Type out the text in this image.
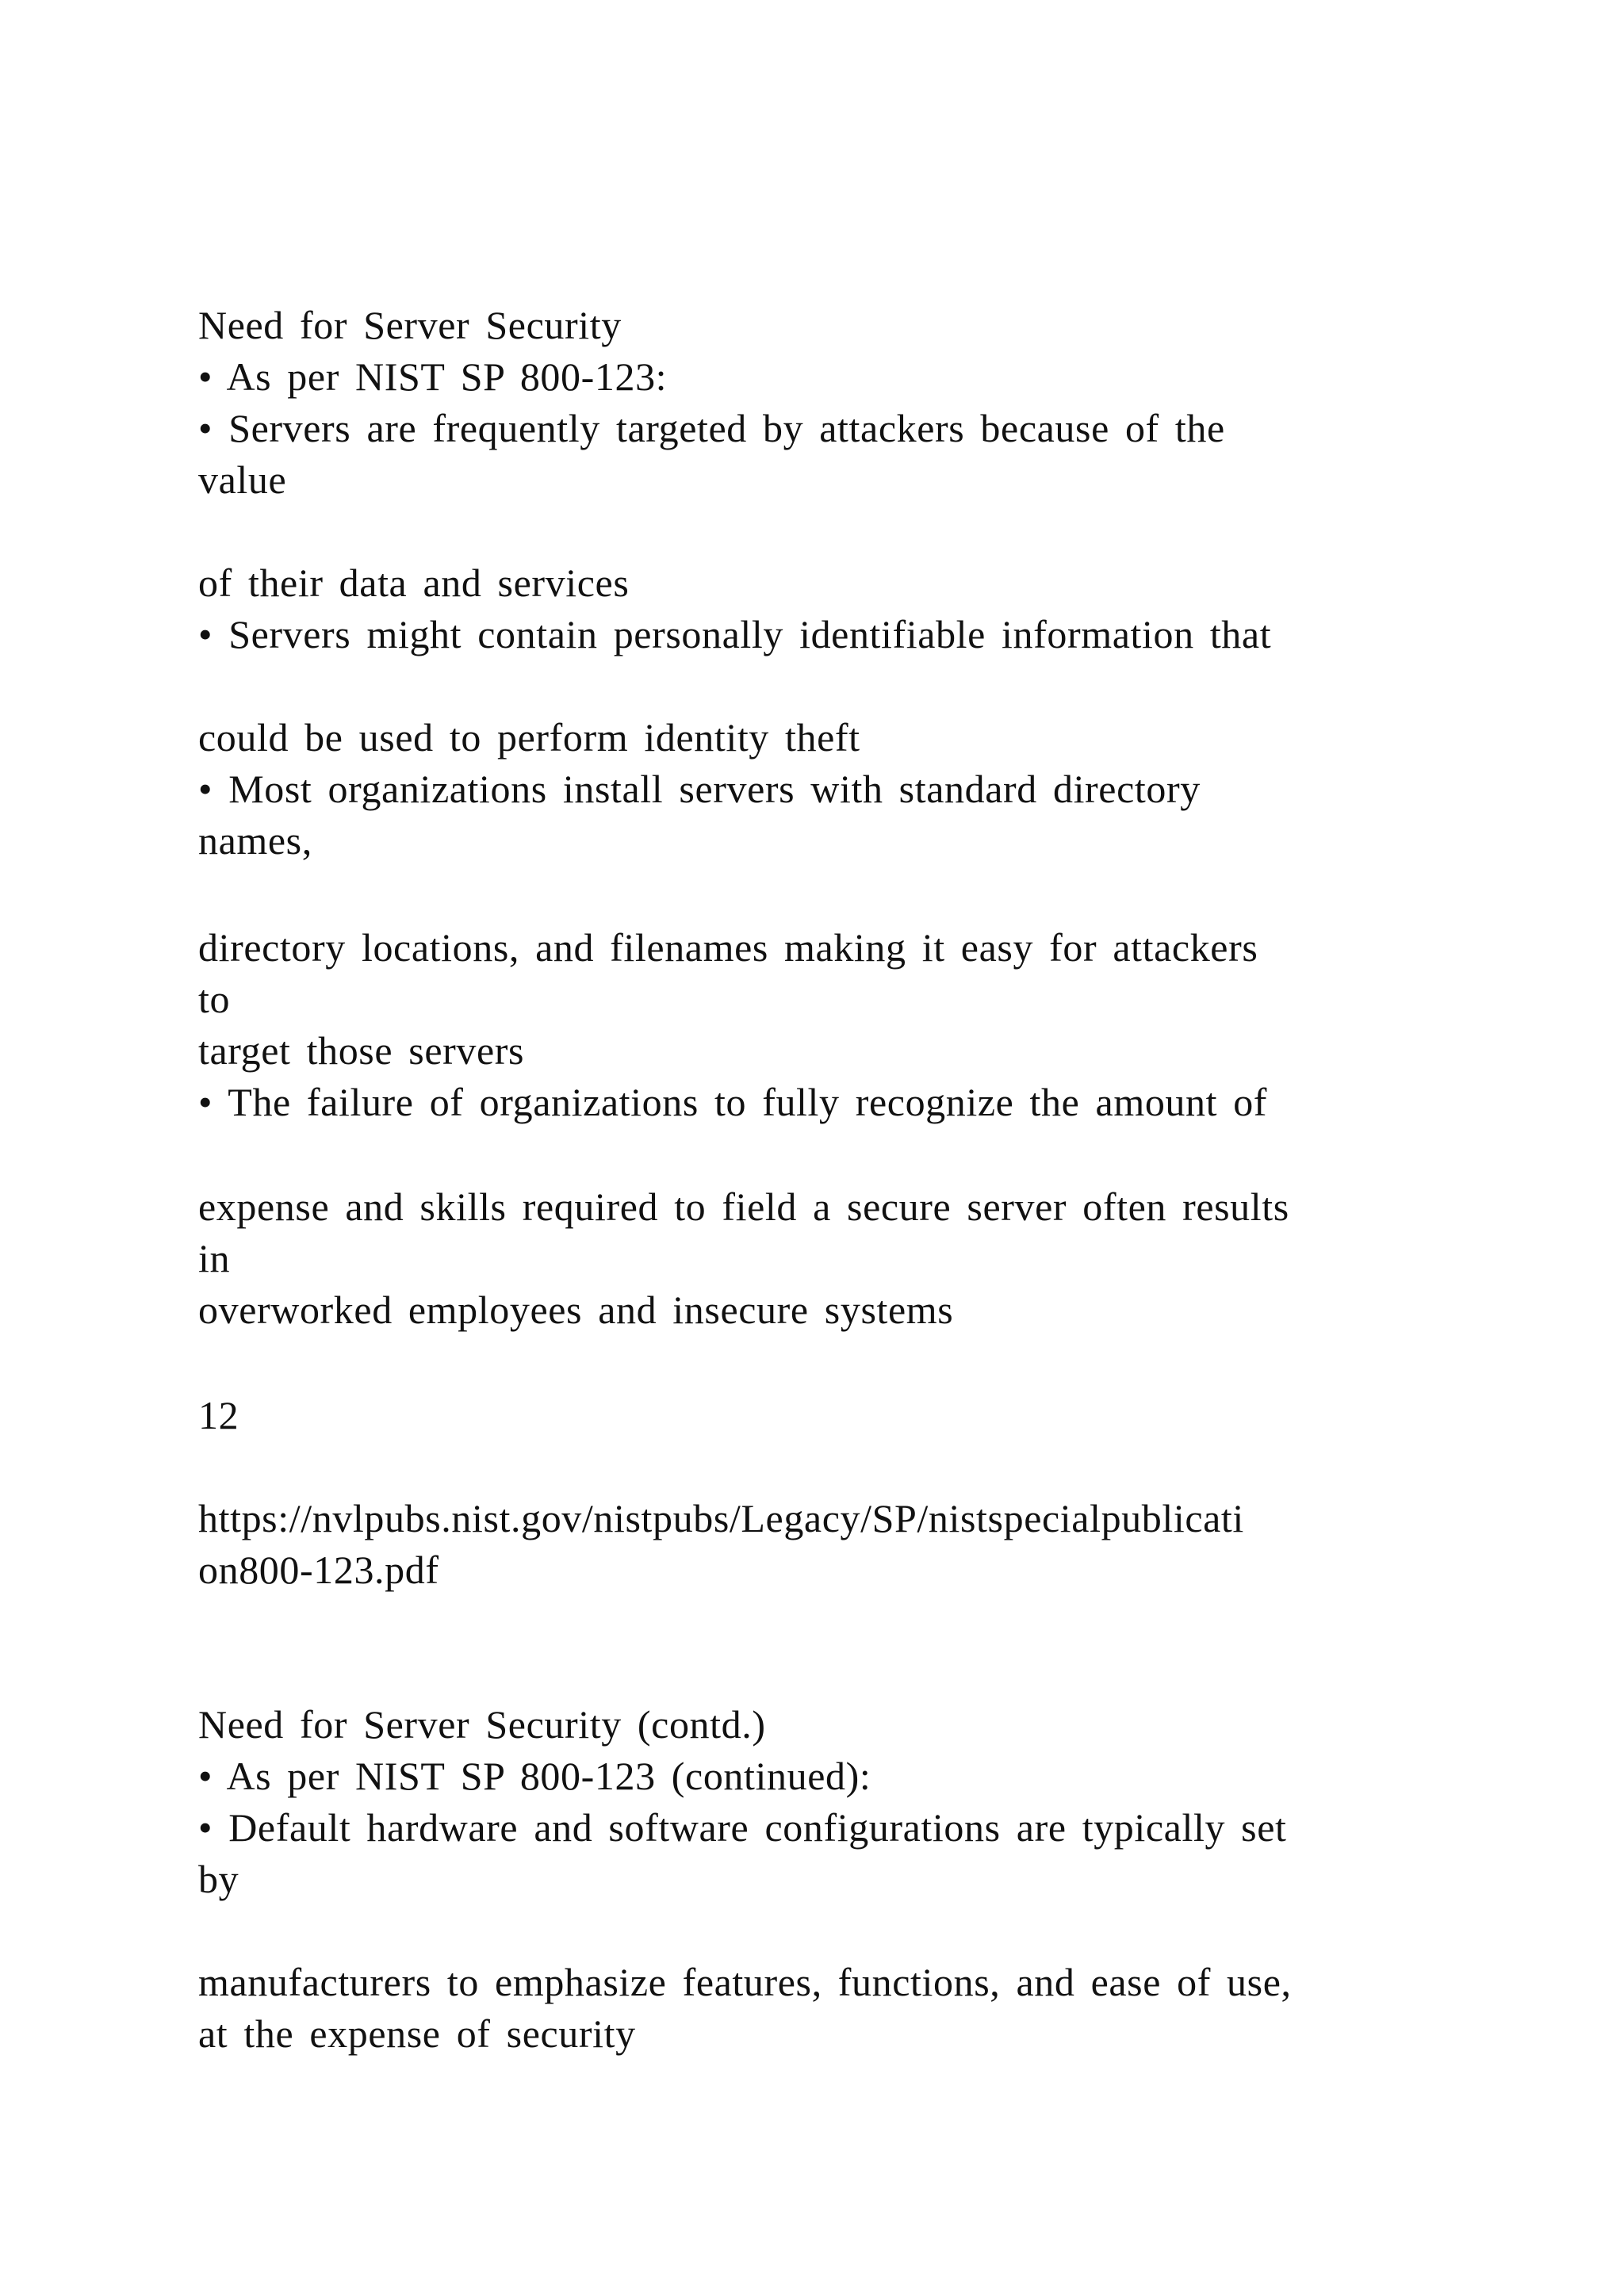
Need for Server Security

• As per NIST SP 800-123:

• Servers are frequently targeted by attackers because of the

value

of their data and services

• Servers might contain personally identifiable information that

could be used to perform identity theft

• Most organizations install servers with standard directory

names,

directory locations, and filenames making it easy for attackers

to

target those servers

• The failure of organizations to fully recognize the amount of

expense and skills required to field a secure server often results

in

overworked employees and insecure systems

12

https://nvlpubs.nist.gov/nistpubs/Legacy/SP/nistspecialpublicati

on800-123.pdf

Need for Server Security (contd.)

• As per NIST SP 800-123 (continued):

• Default hardware and software configurations are typically set

by

manufacturers to emphasize features, functions, and ease of use,

at the expense of security
